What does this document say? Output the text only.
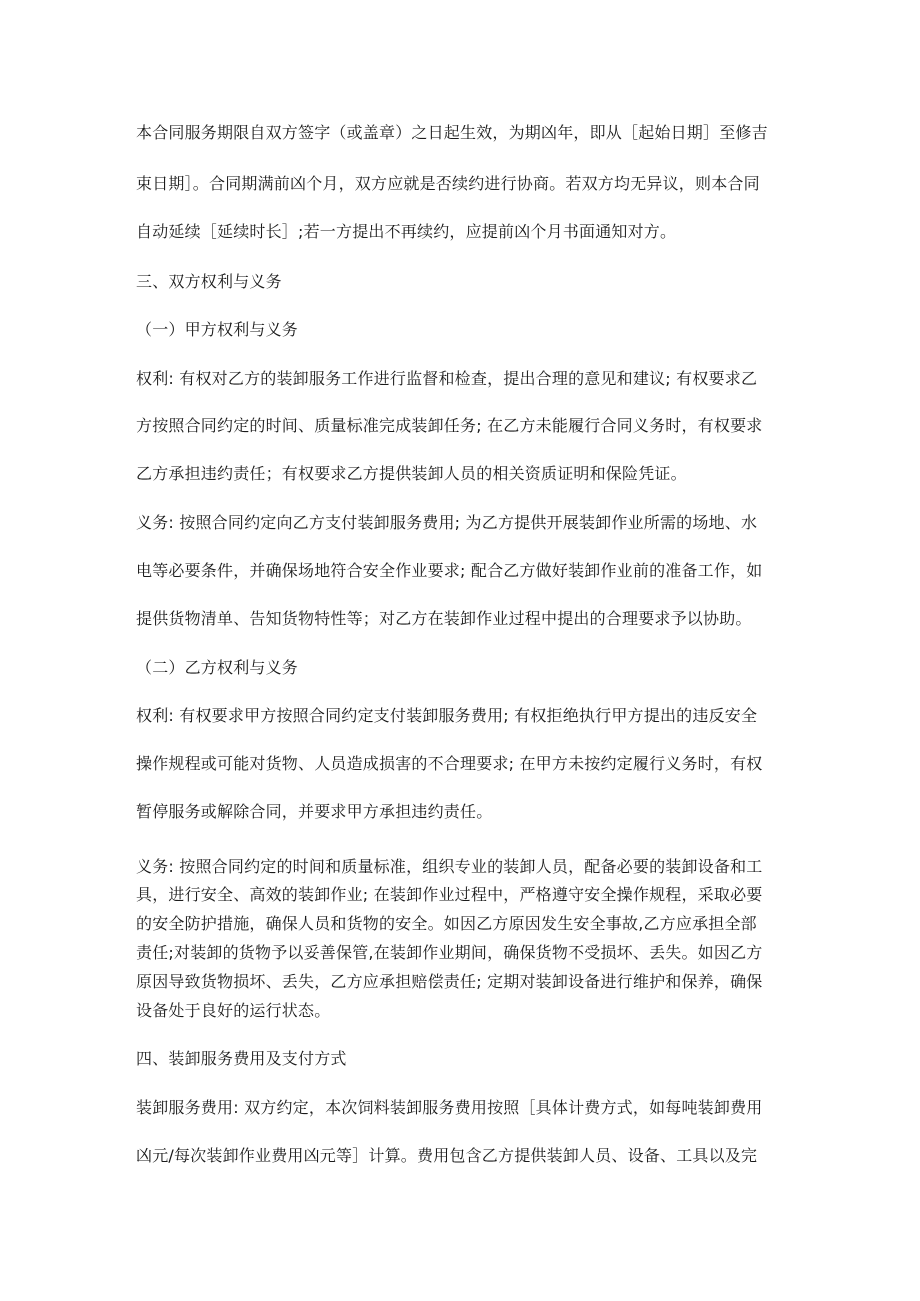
本合同服务期限自双方签字（或盖章）之日起生效，为期凶年，即从［起始日期］至修吉
束日期］。合同期满前凶个月，双方应就是否续约进行协商。若双方均无异议，则本合同
自动延续［延续时长］;若一方提出不再续约，应提前凶个月书面通知对方。
三、双方权利与义务
（一）甲方权利与义务
权利: 有权对乙方的装卸服务工作进行监督和检查，提出合理的意见和建议; 有权要求乙
方按照合同约定的时间、质量标准完成装卸任务; 在乙方未能履行合同义务时，有权要求
乙方承担违约责任；有权要求乙方提供装卸人员的相关资质证明和保险凭证。
义务: 按照合同约定向乙方支付装卸服务费用; 为乙方提供开展装卸作业所需的场地、水
电等必要条件，并确保场地符合安全作业要求; 配合乙方做好装卸作业前的准备工作，如
提供货物清单、告知货物特性等；对乙方在装卸作业过程中提出的合理要求予以协助。
（二）乙方权利与义务
权利: 有权要求甲方按照合同约定支付装卸服务费用; 有权拒绝执行甲方提出的违反安全
操作规程或可能对货物、人员造成损害的不合理要求; 在甲方未按约定履行义务时，有权
暂停服务或解除合同，并要求甲方承担违约责任。
义务: 按照合同约定的时间和质量标准，组织专业的装卸人员，配备必要的装卸设备和工
具，进行安全、高效的装卸作业; 在装卸作业过程中，严格遵守安全操作规程，采取必要
的安全防护措施，确保人员和货物的安全。如因乙方原因发生安全事故,乙方应承担全部
责任;对装卸的货物予以妥善保管,在装卸作业期间，确保货物不受损坏、丢失。如因乙方
原因导致货物损坏、丢失，乙方应承担赔偿责任; 定期对装卸设备进行维护和保养，确保
设备处于良好的运行状态。
四、装卸服务费用及支付方式
装卸服务费用: 双方约定，本次饲料装卸服务费用按照［具体计费方式，如每吨装卸费用
凶元/每次装卸作业费用凶元等］计算。费用包含乙方提供装卸人员、设备、工具以及完
